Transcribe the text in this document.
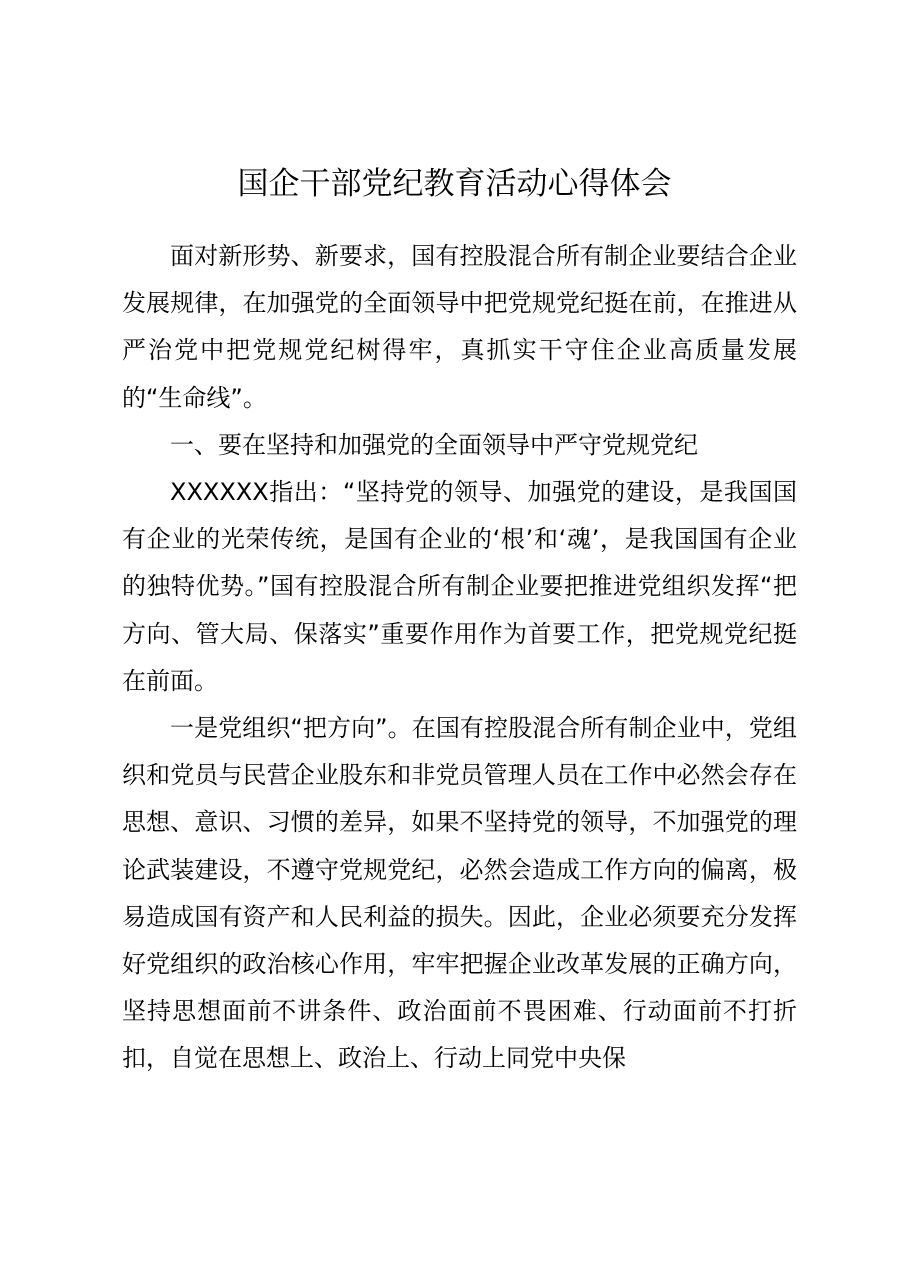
国企干部党纪教育活动心得体会

面对新形势、新要求，国有控股混合所有制企业要结合企业发展规律，在加强党的全面领导中把党规党纪挺在前，在推进从严治党中把党规党纪树得牢，真抓实干守住企业高质量发展的“生命线”。

一、要在坚持和加强党的全面领导中严守党规党纪

XXXXXX指出：“坚持党的领导、加强党的建设，是我国国有企业的光荣传统，是国有企业的‘根’和‘魂’，是我国国有企业的独特优势。”国有控股混合所有制企业要把推进党组织发挥“把方向、管大局、保落实”重要作用作为首要工作，把党规党纪挺在前面。

一是党组织“把方向”。在国有控股混合所有制企业中，党组织和党员与民营企业股东和非党员管理人员在工作中必然会存在思想、意识、习惯的差异，如果不坚持党的领导，不加强党的理论武装建设，不遵守党规党纪，必然会造成工作方向的偏离，极易造成国有资产和人民利益的损失。因此，企业必须要充分发挥好党组织的政治核心作用，牢牢把握企业改革发展的正确方向，坚持思想面前不讲条件、政治面前不畏困难、行动面前不打折扣，自觉在思想上、政治上、行动上同党中央保
